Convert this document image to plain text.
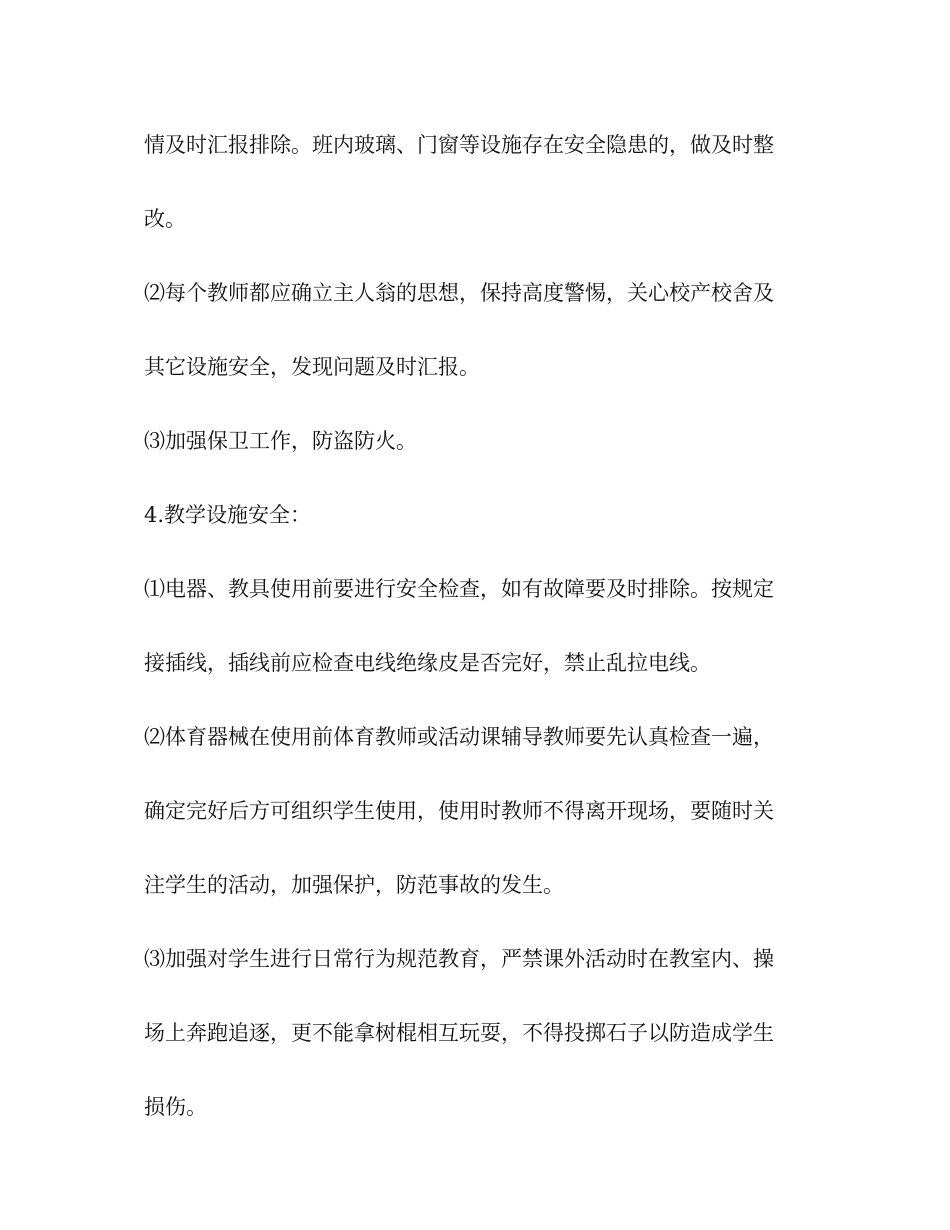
情及时汇报排除。班内玻璃、门窗等设施存在安全隐患的，做及时整
改。
⑵每个教师都应确立主人翁的思想，保持高度警惕，关心校产校舍及
其它设施安全，发现问题及时汇报。
⑶加强保卫工作，防盗防火。
4.教学设施安全：
⑴电器、教具使用前要进行安全检查，如有故障要及时排除。按规定
接插线，插线前应检查电线绝缘皮是否完好，禁止乱拉电线。
⑵体育器械在使用前体育教师或活动课辅导教师要先认真检查一遍，
确定完好后方可组织学生使用，使用时教师不得离开现场，要随时关
注学生的活动，加强保护，防范事故的发生。
⑶加强对学生进行日常行为规范教育，严禁课外活动时在教室内、操
场上奔跑追逐，更不能拿树棍相互玩耍，不得投掷石子以防造成学生
损伤。
